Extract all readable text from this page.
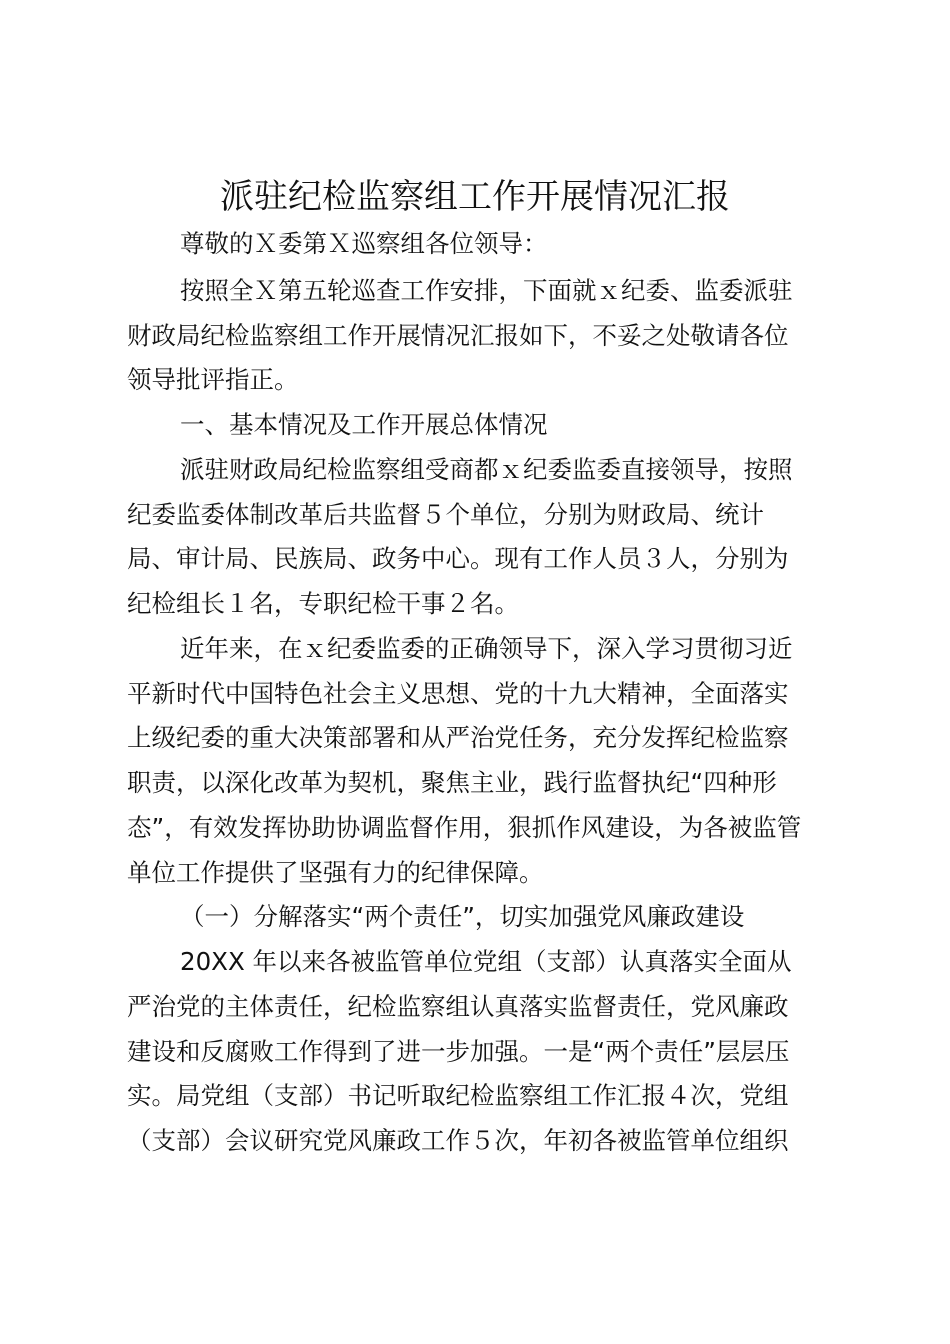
派驻纪检监察组工作开展情况汇报
尊敬的Ｘ委第Ｘ巡察组各位领导：
按照全Ｘ第五轮巡查工作安排，下面就ｘ纪委、监委派驻
财政局纪检监察组工作开展情况汇报如下，不妥之处敬请各位
领导批评指正。
一、基本情况及工作开展总体情况
派驻财政局纪检监察组受商都ｘ纪委监委直接领导，按照
纪委监委体制改革后共监督５个单位，分别为财政局、统计
局、审计局、民族局、政务中心。现有工作人员３人，分别为
纪检组长１名，专职纪检干事２名。
近年来，在ｘ纪委监委的正确领导下，深入学习贯彻习近
平新时代中国特色社会主义思想、党的十九大精神，全面落实
上级纪委的重大决策部署和从严治党任务，充分发挥纪检监察
职责，以深化改革为契机，聚焦主业，践行监督执纪“四种形
态”，有效发挥协助协调监督作用，狠抓作风建设，为各被监管
单位工作提供了坚强有力的纪律保障。
（一）分解落实“两个责任”，切实加强党风廉政建设
20XX 年以来各被监管单位党组（支部）认真落实全面从
严治党的主体责任，纪检监察组认真落实监督责任，党风廉政
建设和反腐败工作得到了进一步加强。一是“两个责任”层层压
实。局党组（支部）书记听取纪检监察组工作汇报４次，党组
（支部）会议研究党风廉政工作５次，年初各被监管单位组织
